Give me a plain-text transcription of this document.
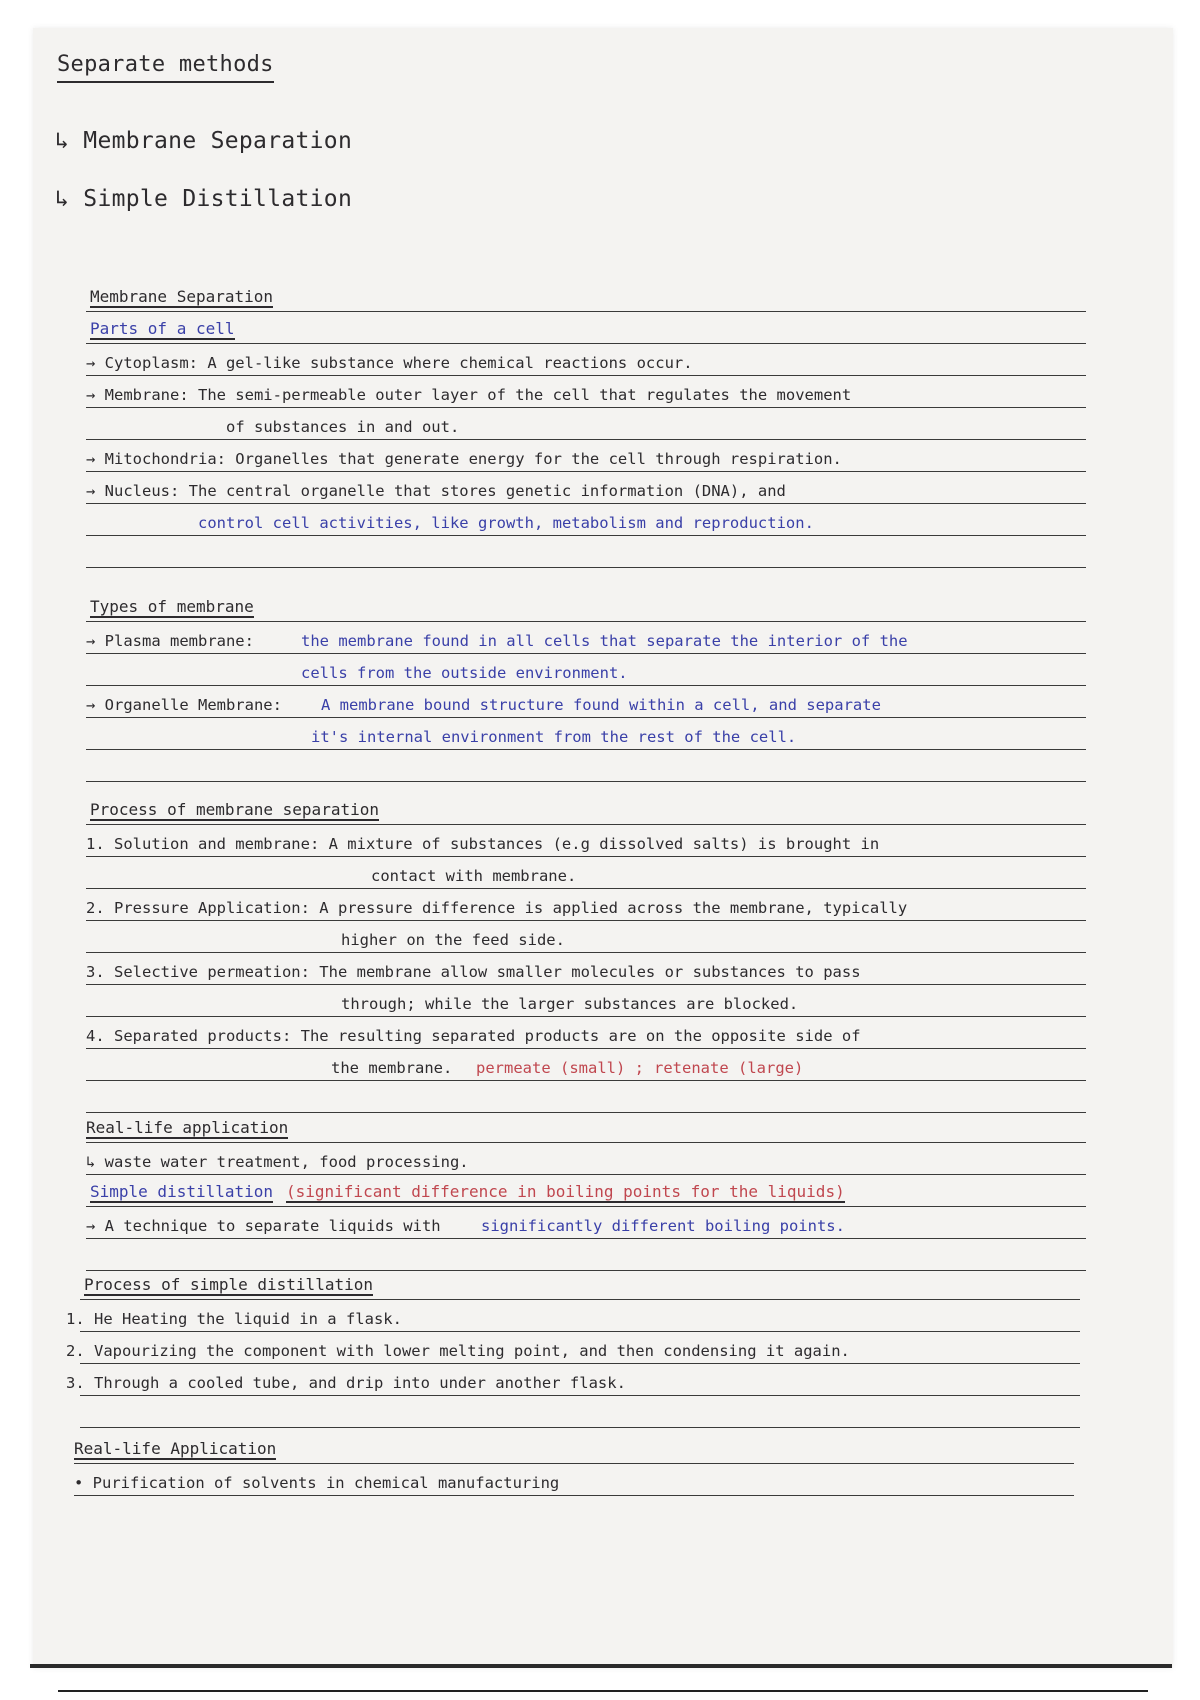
Separate methods
↳ Membrane Separation
↳ Simple Distillation
Membrane Separation
Parts of a cell
→ Cytoplasm: A gel-like substance where chemical reactions occur.
→ Membrane: The semi-permeable outer layer of the cell that regulates the movement
of substances in and out.
→ Mitochondria: Organelles that generate energy for the cell through respiration.
→ Nucleus: The central organelle that stores genetic information (DNA), and
control cell activities, like growth, metabolism and reproduction.
Types of membrane
→ Plasma membrane:	the membrane found in all cells that separate the interior of the
cells from the outside environment.
→ Organelle Membrane:	A membrane bound structure found within a cell, and separate
it's internal environment from the rest of the cell.
Process of membrane separation
1. Solution and membrane: A mixture of substances (e.g dissolved salts) is brought in
contact with membrane.
2. Pressure Application: A pressure difference is applied across the membrane, typically
higher on the feed side.
3. Selective permeation: The membrane allow smaller molecules or substances to pass
through; while the larger substances are blocked.
4. Separated products: The resulting separated products are on the opposite side of
the membrane. permeate (small) ; retenate (large)
Real-life application
↳ waste water treatment, food processing.
Simple distillation (significant difference in boiling points for the liquids)
→ A technique to separate liquids with	significantly different boiling points.
Process of simple distillation
1. He Heating the liquid in a flask.
2. Vapourizing the component with lower melting point, and then condensing it again.
3. Through a cooled tube, and drip into under another flask.
Real-life Application
• Purification of solvents in chemical manufacturing
